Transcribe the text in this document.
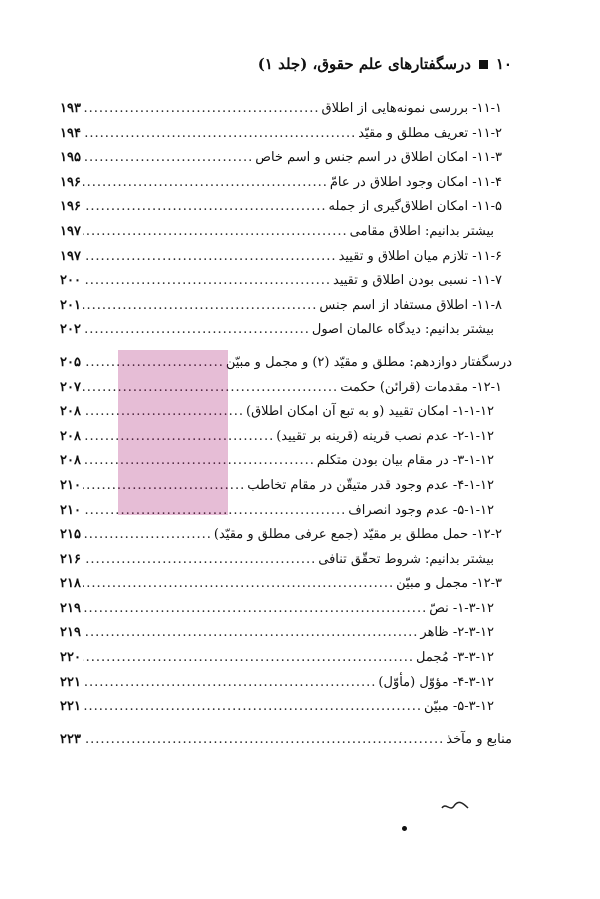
۱۰
درسگفتارهای علم حقوق، (جلد ۱)
۱۱-۱- بررسی نمونه‌هایی از اطلاق
.....
۱۹۳
۱۱-۲- تعریف مطلق و مقیّد
.....
۱۹۴
۱۱-۳- امکان اطلاق در اسم جنس و اسم خاص
.....
۱۹۵
۱۱-۴- امکان وجود اطلاق در عامّ
.....
۱۹۶
۱۱-۵- امکان اطلاق‌گیری از جمله
.....
۱۹۶
بیشتر بدانیم: اطلاق مقامی
.....
۱۹۷
۱۱-۶- تلازم میان اطلاق و تقیید
.....
۱۹۷
۱۱-۷- نسبی بودن اطلاق و تقیید
.....
۲۰۰
۱۱-۸- اطلاق مستفاد از اسم جنس
.....
۲۰۱
بیشتر بدانیم: دیدگاه عالمان اصول
.....
۲۰۲
درسگفتار دوازدهم: مطلق و مقیّد (۲) و مجمل و مبیّن
.....
۲۰۵
۱۲-۱- مقدمات (قرائن) حکمت
.....
۲۰۷
۱-۱-۱۲- امکان تقیید (و به تبع آن امکان اطلاق)
.....
۲۰۸
۲-۱-۱۲- عدم نصب قرینه (قرینه بر تقیید)
.....
۲۰۸
۳-۱-۱۲- در مقام بیان بودن متکلم
.....
۲۰۸
۴-۱-۱۲- عدم وجود قدر متیقّن در مقام تخاطب
.....
۲۱۰
۵-۱-۱۲- عدم وجود انصراف
.....
۲۱۰
۱۲-۲- حمل مطلق بر مقیّد (جمع عرفی مطلق و مقیّد)
.....
۲۱۵
بیشتر بدانیم: شروط تحقّق تنافی
.....
۲۱۶
۱۲-۳- مجمل و مبیّن
.....
۲۱۸
۱-۳-۱۲- نصّ
.....
۲۱۹
۲-۳-۱۲- ظاهر
.....
۲۱۹
۳-۳-۱۲- مُجمل
.....
۲۲۰
۴-۳-۱۲- مؤوّل (مأوّل)
.....
۲۲۱
۵-۳-۱۲- مبیّن
.....
۲۲۱
منابع و مآخذ
.....
۲۲۳
